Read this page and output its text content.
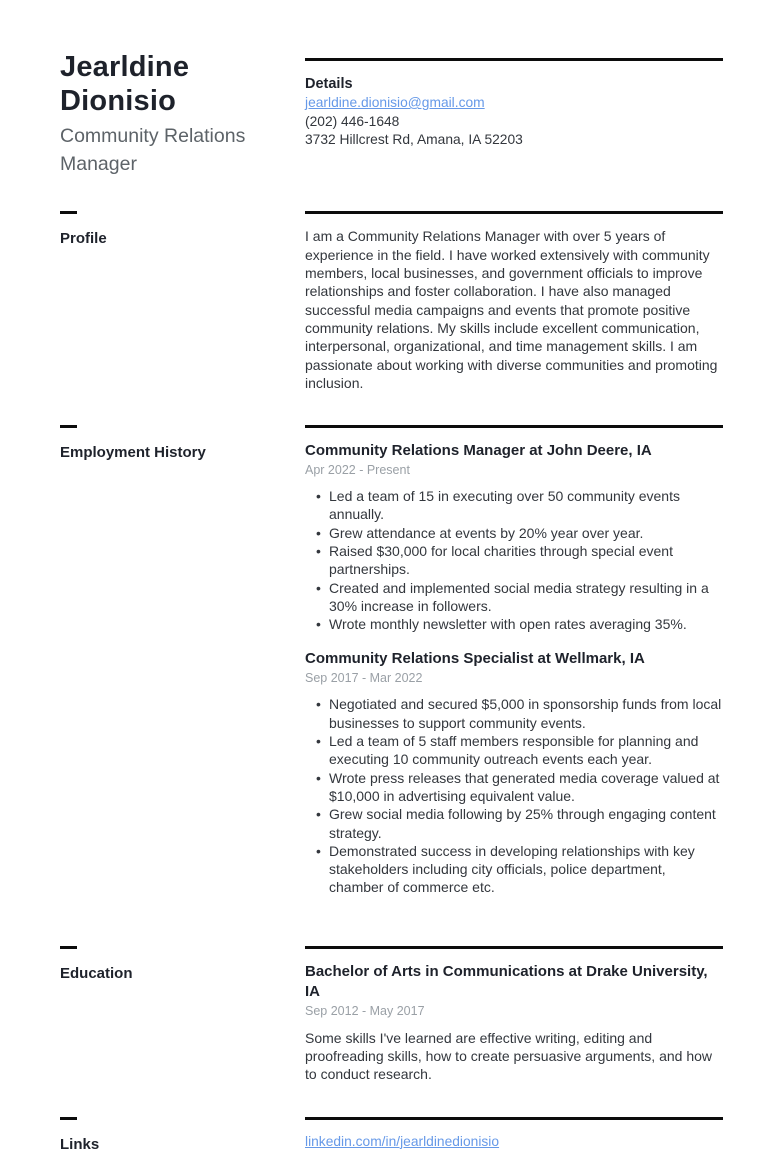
Jearldine Dionisio
Community Relations Manager
Details
jearldine.dionisio@gmail.com
(202) 446-1648
3732 Hillcrest Rd, Amana, IA 52203
Profile	I am a Community Relations Manager with over 5 years of experience in the field. I have worked extensively with community members, local businesses, and government officials to improve relationships and foster collaboration. I have also managed successful media campaigns and events that promote positive community relations. My skills include excellent communication, interpersonal, organizational, and time management skills. I am passionate about working with diverse communities and promoting inclusion.
Employment History	Community Relations Manager at John Deere, IA
Apr 2022 - Present
• Led a team of 15 in executing over 50 community events annually.
• Grew attendance at events by 20% year over year.
• Raised $30,000 for local charities through special event partnerships.
• Created and implemented social media strategy resulting in a 30% increase in followers.
• Wrote monthly newsletter with open rates averaging 35%.
Community Relations Specialist at Wellmark, IA
Sep 2017 - Mar 2022
• Negotiated and secured $5,000 in sponsorship funds from local businesses to support community events.
• Led a team of 5 staff members responsible for planning and executing 10 community outreach events each year.
• Wrote press releases that generated media coverage valued at $10,000 in advertising equivalent value.
• Grew social media following by 25% through engaging content strategy.
• Demonstrated success in developing relationships with key stakeholders including city officials, police department, chamber of commerce etc.
Education	Bachelor of Arts in Communications at Drake University, IA
Sep 2012 - May 2017
Some skills I've learned are effective writing, editing and proofreading skills, how to create persuasive arguments, and how to conduct research.
Links	linkedin.com/in/jearldinedionisio
